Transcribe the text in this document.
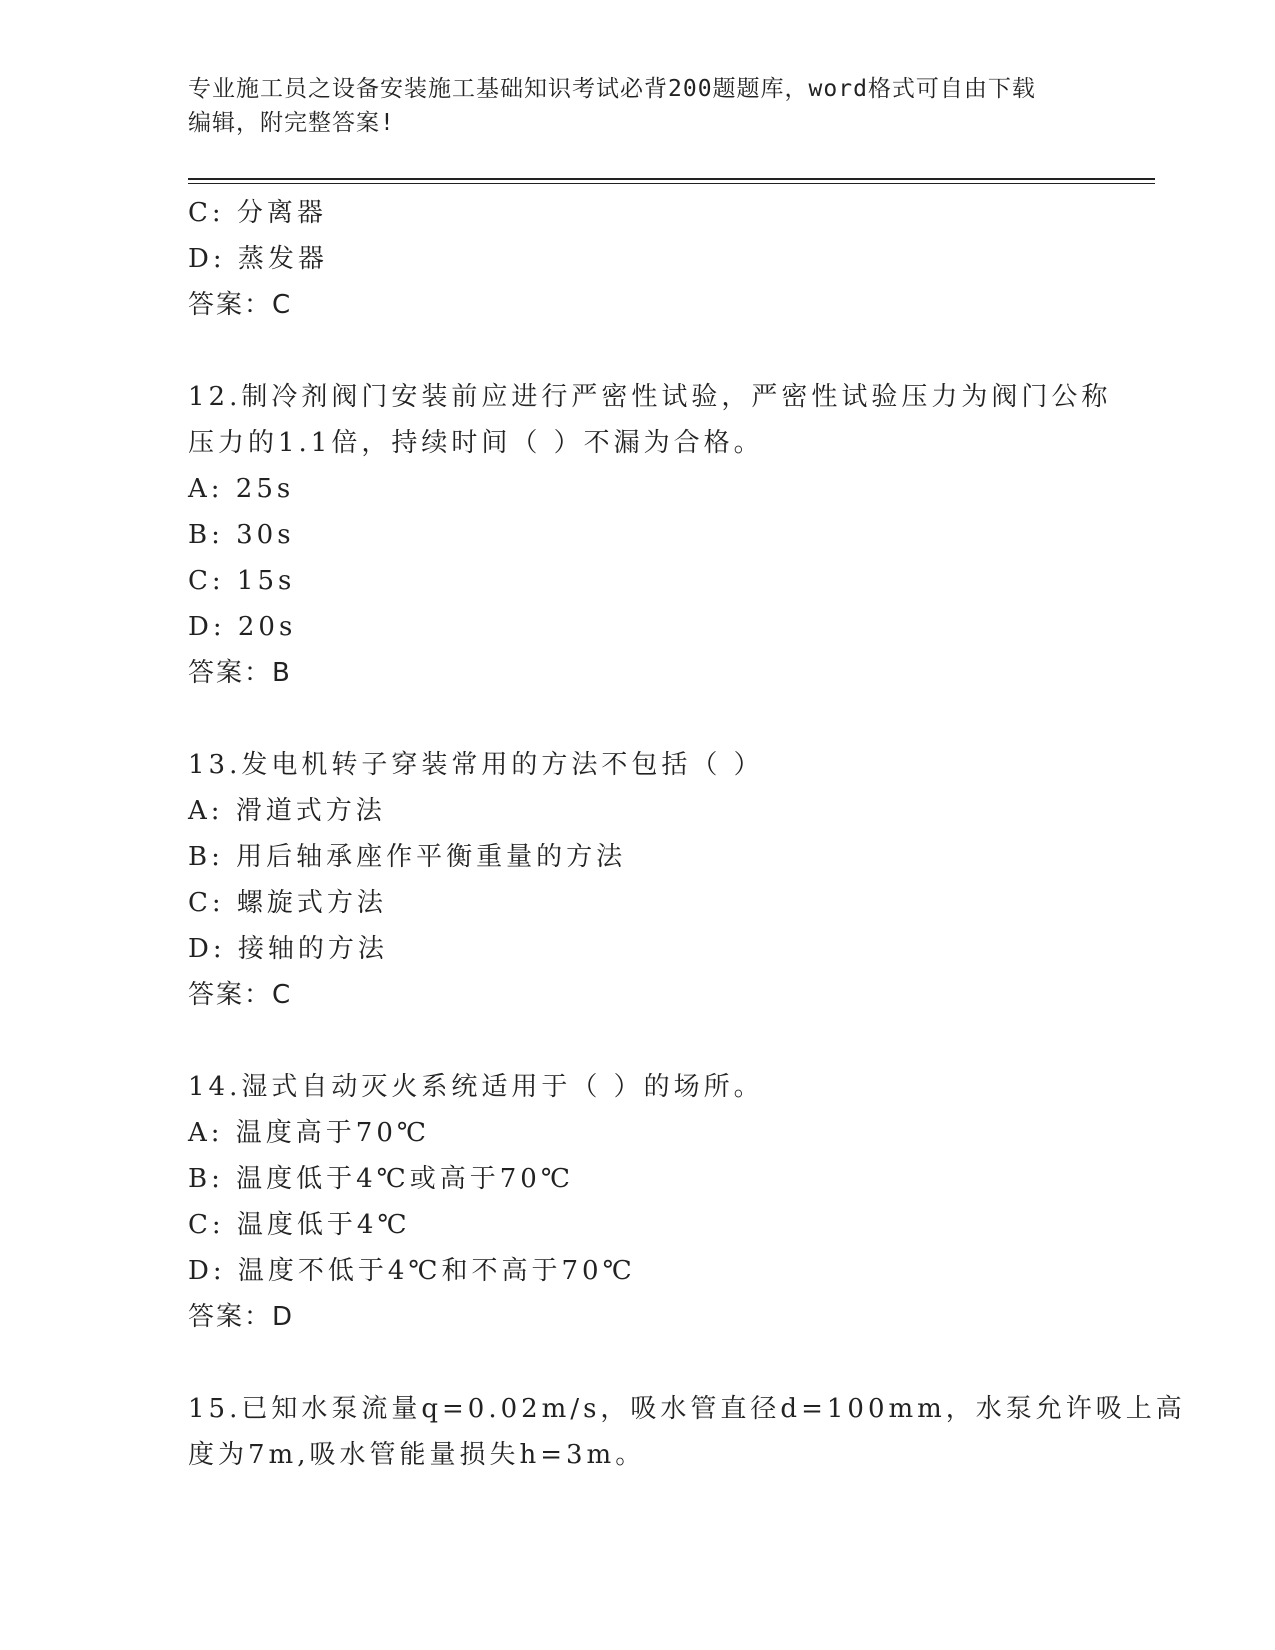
专业施工员之设备安装施工基础知识考试必背200题题库，word格式可自由下载
编辑，附完整答案!
C: 分离器
D: 蒸发器
答案：C
12.制冷剂阀门安装前应进行严密性试验，严密性试验压力为阀门公称
压力的1.1倍，持续时间（ ）不漏为合格。
A: 25s
B: 30s
C: 15s
D: 20s
答案：B
13.发电机转子穿装常用的方法不包括（ ）
A: 滑道式方法
B: 用后轴承座作平衡重量的方法
C: 螺旋式方法
D: 接轴的方法
答案：C
14.湿式自动灭火系统适用于（ ）的场所。
A: 温度高于70℃
B: 温度低于4℃或高于70℃
C: 温度低于4℃
D: 温度不低于4℃和不高于70℃
答案：D
15.已知水泵流量q=0.02m/s，吸水管直径d=100mm，水泵允许吸上高
度为7m,吸水管能量损失h=3m。
